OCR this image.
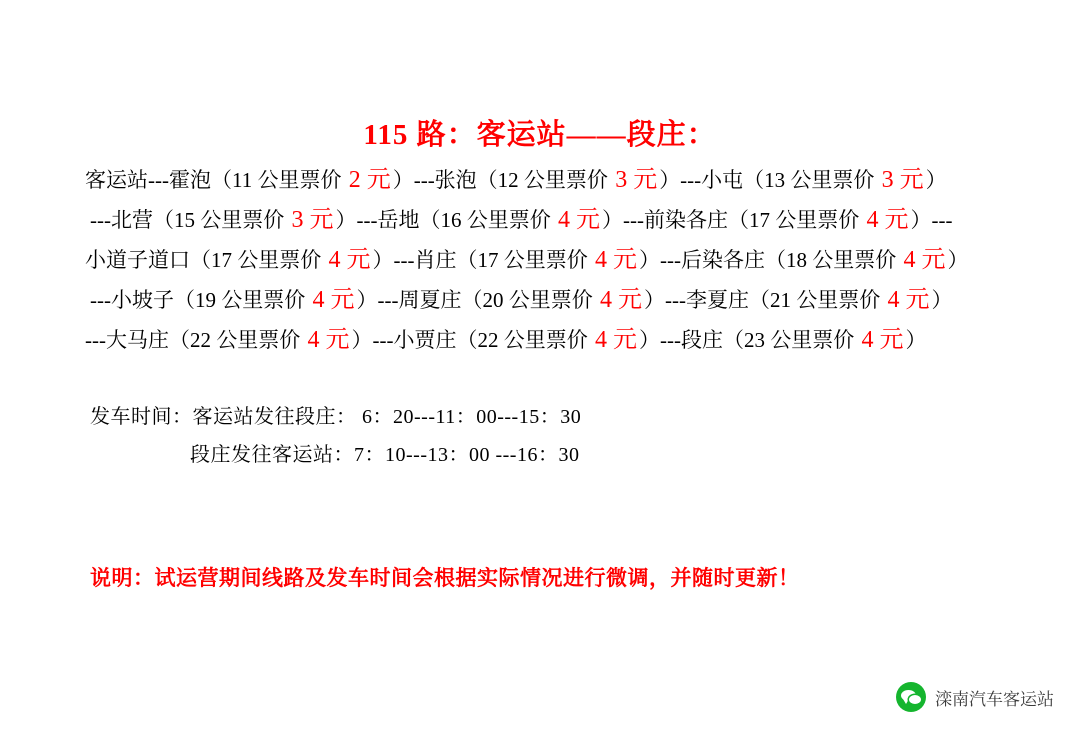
115 路：客运站——段庄：
客运站---霍泡（11 公里票价 2 元）---张泡（12 公里票价 3 元）---小屯（13 公里票价 3 元）
---北营（15 公里票价 3 元）---岳地（16 公里票价 4 元）---前染各庄（17 公里票价 4 元）---
小道子道口（17 公里票价 4 元）---肖庄（17 公里票价 4 元）---后染各庄（18 公里票价 4 元）
---小坡子（19 公里票价 4 元）---周夏庄（20 公里票价 4 元）---李夏庄（21 公里票价 4 元）
---大马庄（22 公里票价 4 元）---小贾庄（22 公里票价 4 元）---段庄（23 公里票价 4 元）
发车时间：客运站发往段庄： 6：20---11：00---15：30
段庄发往客运站：7：10---13：00 ---16：30
说明：试运营期间线路及发车时间会根据实际情况进行微调，并随时更新！
滦南汽车客运站
